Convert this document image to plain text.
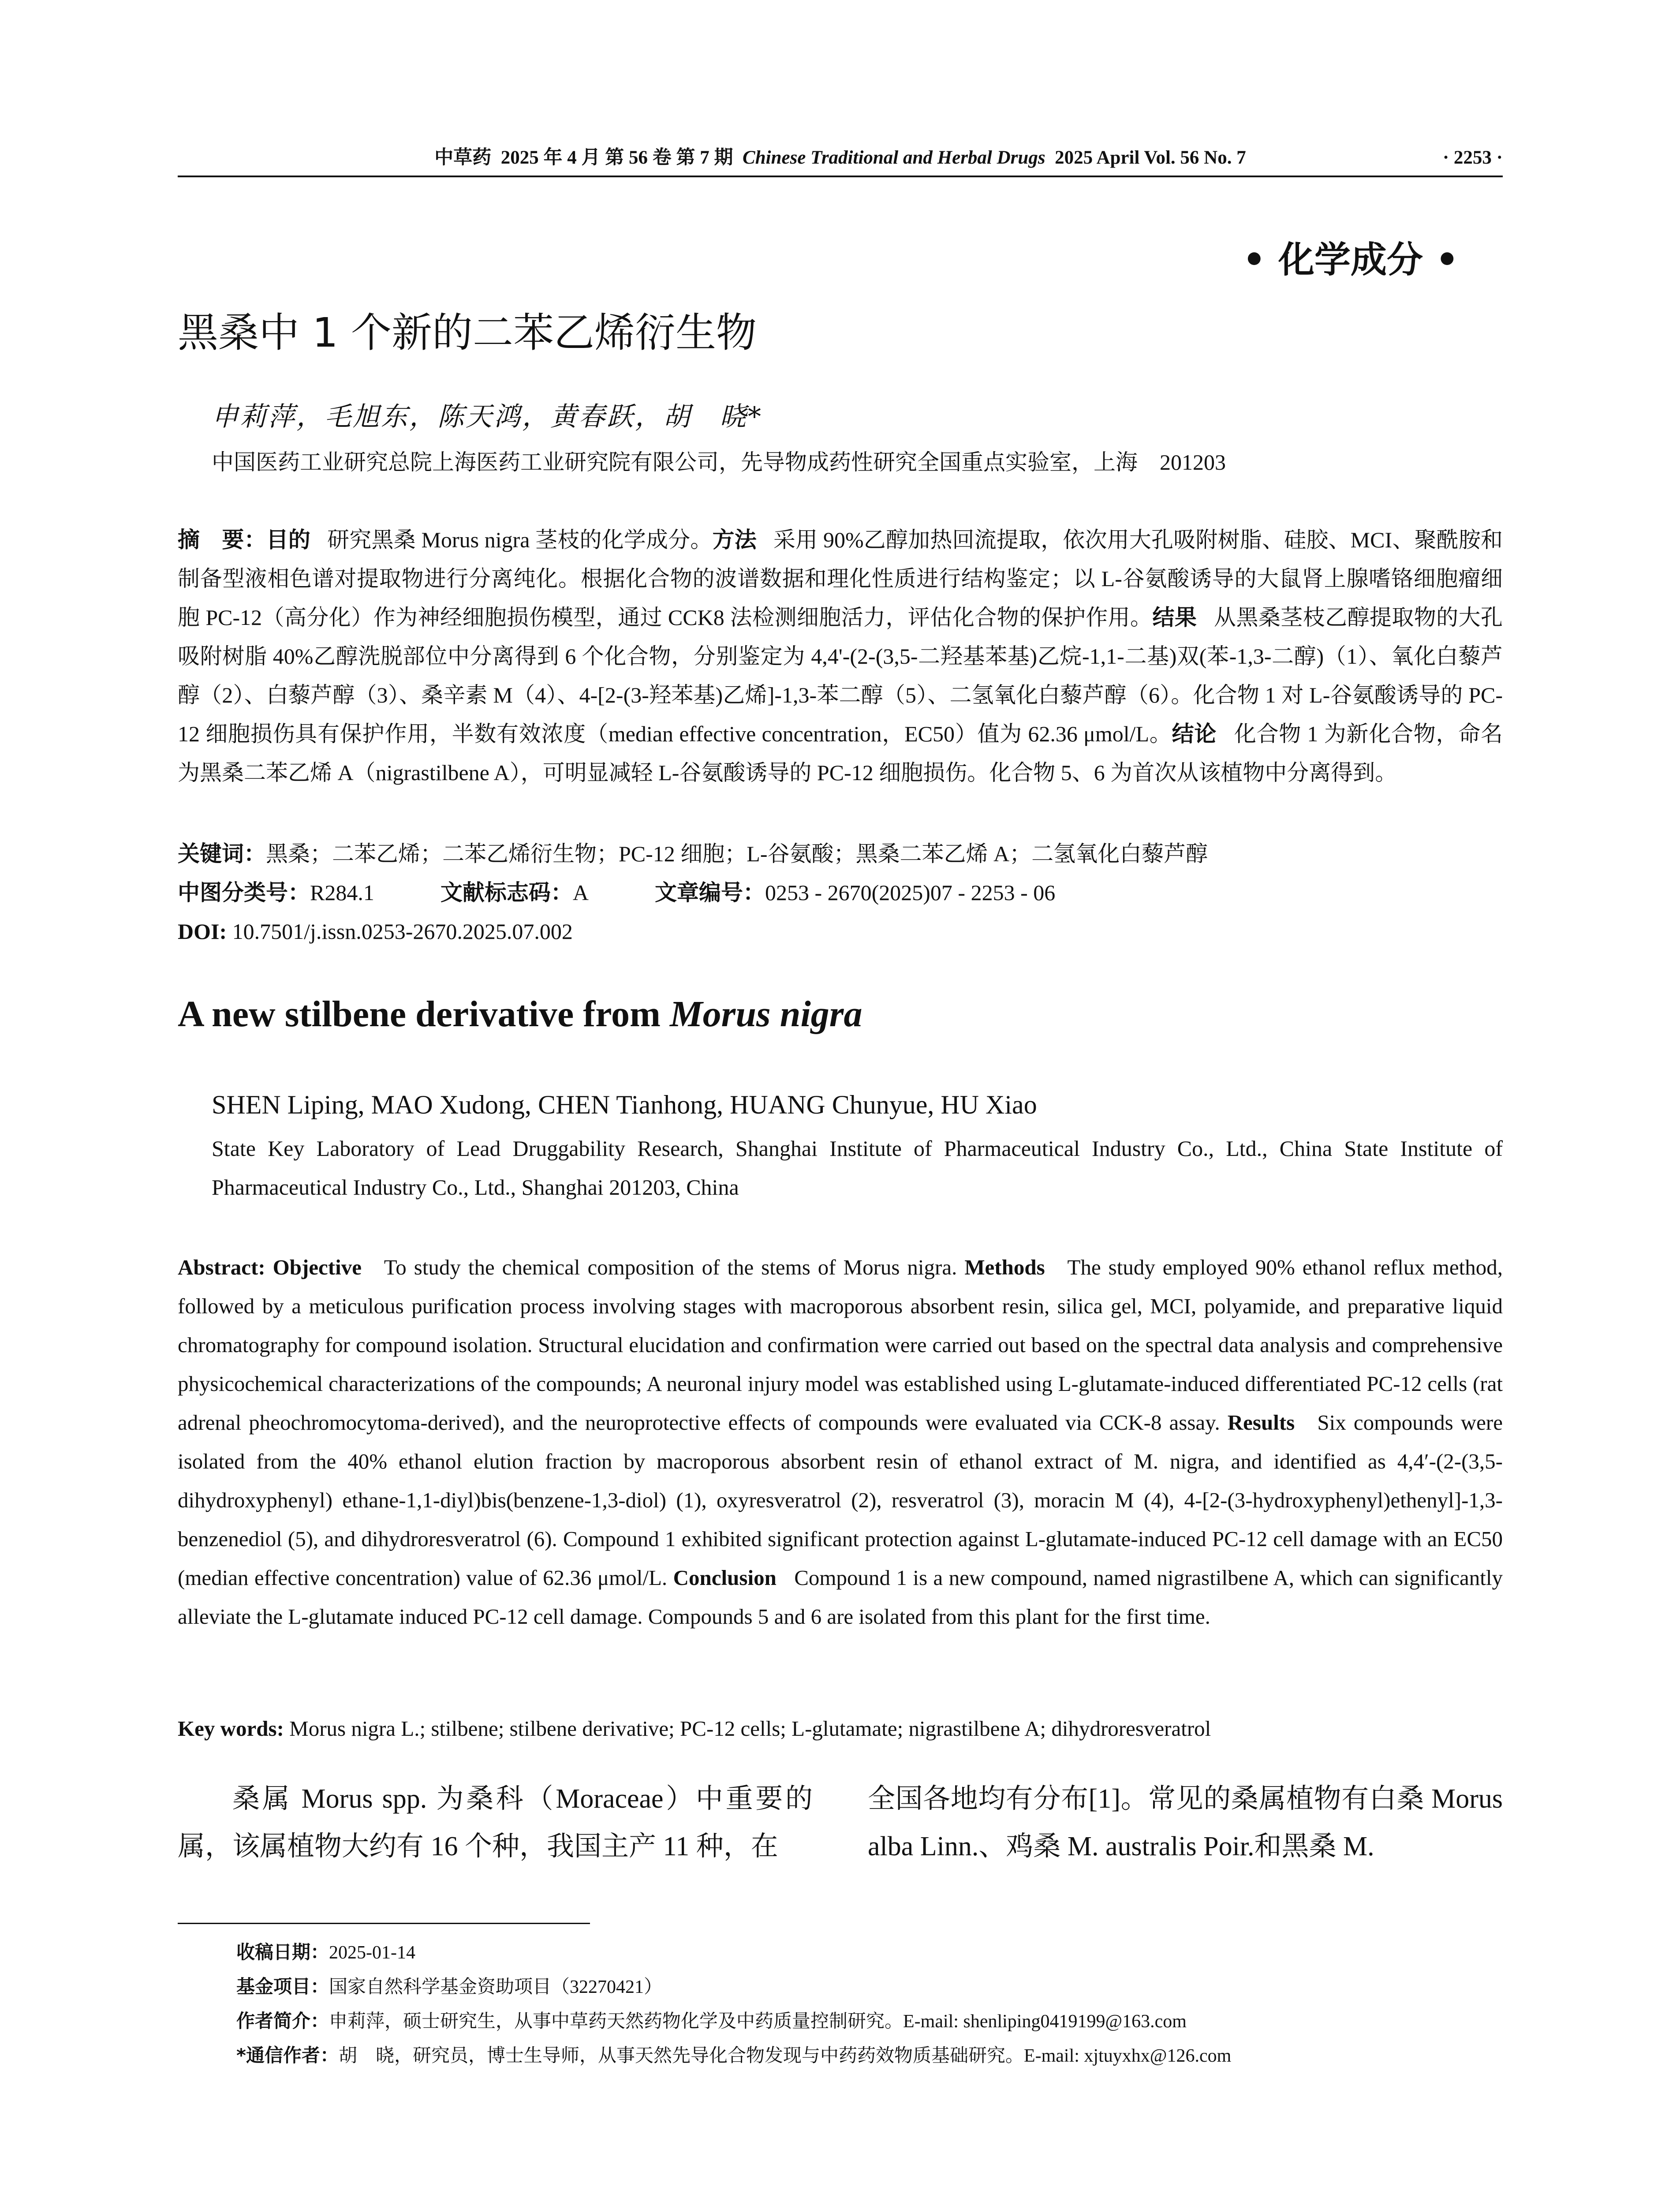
中草药 2025 年 4 月 第 56 卷 第 7 期 Chinese Traditional and Herbal Drugs 2025 April Vol. 56 No. 7	· 2253 ·
• 化学成分 •
黑桑中 1 个新的二苯乙烯衍生物
申莉萍，毛旭东，陈天鸿，黄春跃，胡　晓*
中国医药工业研究总院上海医药工业研究院有限公司，先导物成药性研究全国重点实验室，上海　201203
摘　要：目的 研究黑桑 Morus nigra 茎枝的化学成分。方法 采用 90%乙醇加热回流提取，依次用大孔吸附树脂、硅胶、MCI、聚酰胺和制备型液相色谱对提取物进行分离纯化。根据化合物的波谱数据和理化性质进行结构鉴定；以 L-谷氨酸诱导的大鼠肾上腺嗜铬细胞瘤细胞 PC-12（高分化）作为神经细胞损伤模型，通过 CCK8 法检测细胞活力，评估化合物的保护作用。结果 从黑桑茎枝乙醇提取物的大孔吸附树脂 40%乙醇洗脱部位中分离得到 6 个化合物，分别鉴定为 4,4'-(2-(3,5-二羟基苯基)乙烷-1,1-二基)双(苯-1,3-二醇)（1）、氧化白藜芦醇（2）、白藜芦醇（3）、桑辛素 M（4）、4-[2-(3-羟苯基)乙烯]-1,3-苯二醇（5）、二氢氧化白藜芦醇（6）。化合物 1 对 L-谷氨酸诱导的 PC-12 细胞损伤具有保护作用，半数有效浓度（median effective concentration，EC50）值为 62.36 μmol/L。结论 化合物 1 为新化合物，命名为黑桑二苯乙烯 A（nigrastilbene A），可明显减轻 L-谷氨酸诱导的 PC-12 细胞损伤。化合物 5、6 为首次从该植物中分离得到。
关键词：黑桑；二苯乙烯；二苯乙烯衍生物；PC-12 细胞；L-谷氨酸；黑桑二苯乙烯 A；二氢氧化白藜芦醇
中图分类号：R284.1	文献标志码：A	文章编号：0253 - 2670(2025)07 - 2253 - 06
DOI: 10.7501/j.issn.0253-2670.2025.07.002
A new stilbene derivative from Morus nigra
SHEN Liping, MAO Xudong, CHEN Tianhong, HUANG Chunyue, HU Xiao
State Key Laboratory of Lead Druggability Research, Shanghai Institute of Pharmaceutical Industry Co., Ltd., China State Institute of Pharmaceutical Industry Co., Ltd., Shanghai 201203, China
Abstract: Objective To study the chemical composition of the stems of Morus nigra. Methods The study employed 90% ethanol reflux method, followed by a meticulous purification process involving stages with macroporous absorbent resin, silica gel, MCI, polyamide, and preparative liquid chromatography for compound isolation. Structural elucidation and confirmation were carried out based on the spectral data analysis and comprehensive physicochemical characterizations of the compounds; A neuronal injury model was established using L-glutamate-induced differentiated PC-12 cells (rat adrenal pheochromocytoma-derived), and the neuroprotective effects of compounds were evaluated via CCK-8 assay. Results Six compounds were isolated from the 40% ethanol elution fraction by macroporous absorbent resin of ethanol extract of M. nigra, and identified as 4,4′-(2-(3,5-dihydroxyphenyl) ethane-1,1-diyl)bis(benzene-1,3-diol) (1), oxyresveratrol (2), resveratrol (3), moracin M (4), 4-[2-(3-hydroxyphenyl)ethenyl]-1,3-benzenediol (5), and dihydroresveratrol (6). Compound 1 exhibited significant protection against L-glutamate-induced PC-12 cell damage with an EC50 (median effective concentration) value of 62.36 μmol/L. Conclusion Compound 1 is a new compound, named nigrastilbene A, which can significantly alleviate the L-glutamate induced PC-12 cell damage. Compounds 5 and 6 are isolated from this plant for the first time.
Key words: Morus nigra L.; stilbene; stilbene derivative; PC-12 cells; L-glutamate; nigrastilbene A; dihydroresveratrol
桑属 Morus spp. 为桑科（Moraceae）中重要的属，该属植物大约有 16 个种，我国主产 11 种，在
全国各地均有分布[1]。常见的桑属植物有白桑 Morus alba Linn.、鸡桑 M. australis Poir.和黑桑 M.
收稿日期：2025-01-14
基金项目：国家自然科学基金资助项目（32270421）
作者简介：申莉萍，硕士研究生，从事中草药天然药物化学及中药质量控制研究。E-mail: shenliping0419199@163.com
*通信作者：胡　晓，研究员，博士生导师，从事天然先导化合物发现与中药药效物质基础研究。E-mail: xjtuyxhx@126.com
